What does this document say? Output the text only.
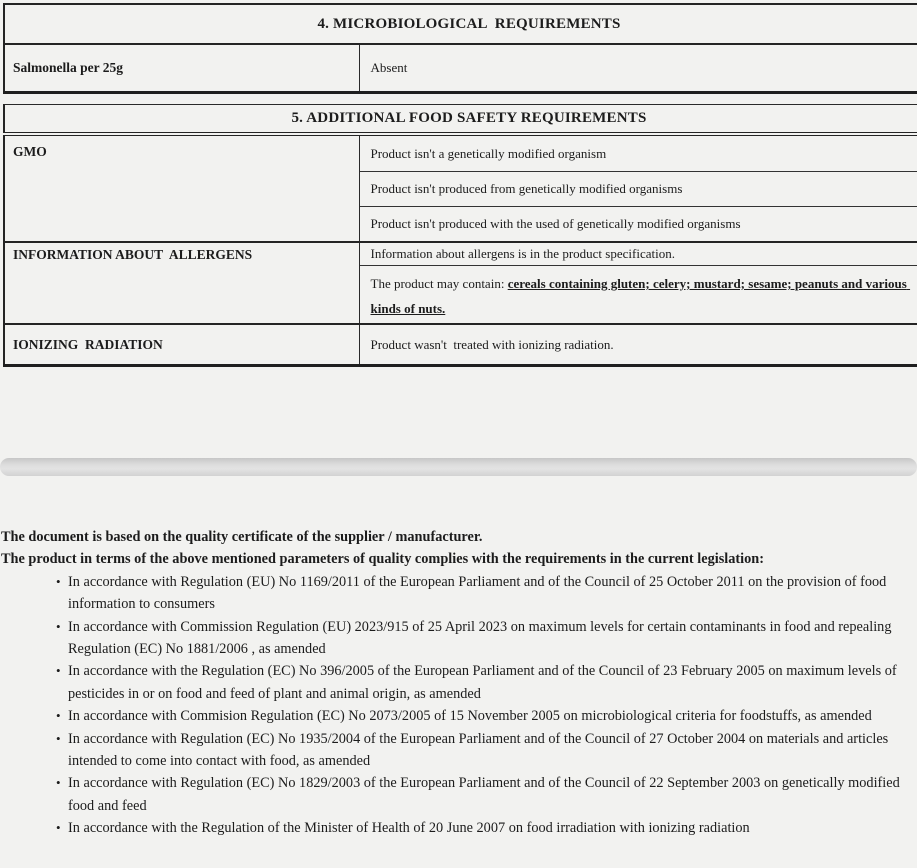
4. MICROBIOLOGICAL  REQUIREMENTS
Salmonella per 25g	Absent
5. ADDITIONAL FOOD SAFETY REQUIREMENTS	
GMO	Product isn't a genetically modified organism
	Product isn't produced from genetically modified organisms
	Product isn't produced with the used of genetically modified organisms
INFORMATION ABOUT  ALLERGENS	Information about allergens is in the product specification.
	The product may contain: cereals containing gluten; celery; mustard; sesame; peanuts and various kinds of nuts.
IONIZING  RADIATION	Product wasn't  treated with ionizing radiation.
The document is based on the quality certificate of the supplier / manufacturer.
The product in terms of the above mentioned parameters of quality complies with the requirements in the current legislation:
• In accordance with Regulation (EU) No 1169/2011 of the European Parliament and of the Council of 25 October 2011 on the provision of food information to consumers
• In accordance with Commission Regulation (EU) 2023/915 of 25 April 2023 on maximum levels for certain contaminants in food and repealing Regulation (EC) No 1881/2006 , as amended
• In accordance with the Regulation (EC) No 396/2005 of the European Parliament and of the Council of 23 February 2005 on maximum levels of pesticides in or on food and feed of plant and animal origin, as amended
• In accordance with Commision Regulation (EC) No 2073/2005 of 15 November 2005 on microbiological criteria for foodstuffs, as amended
• In accordance with Regulation (EC) No 1935/2004 of the European Parliament and of the Council of 27 October 2004 on materials and articles intended to come into contact with food, as amended
• In accordance with Regulation (EC) No 1829/2003 of the European Parliament and of the Council of 22 September 2003 on genetically modified food and feed
• In accordance with the Regulation of the Minister of Health of 20 June 2007 on food irradiation with ionizing radiation
